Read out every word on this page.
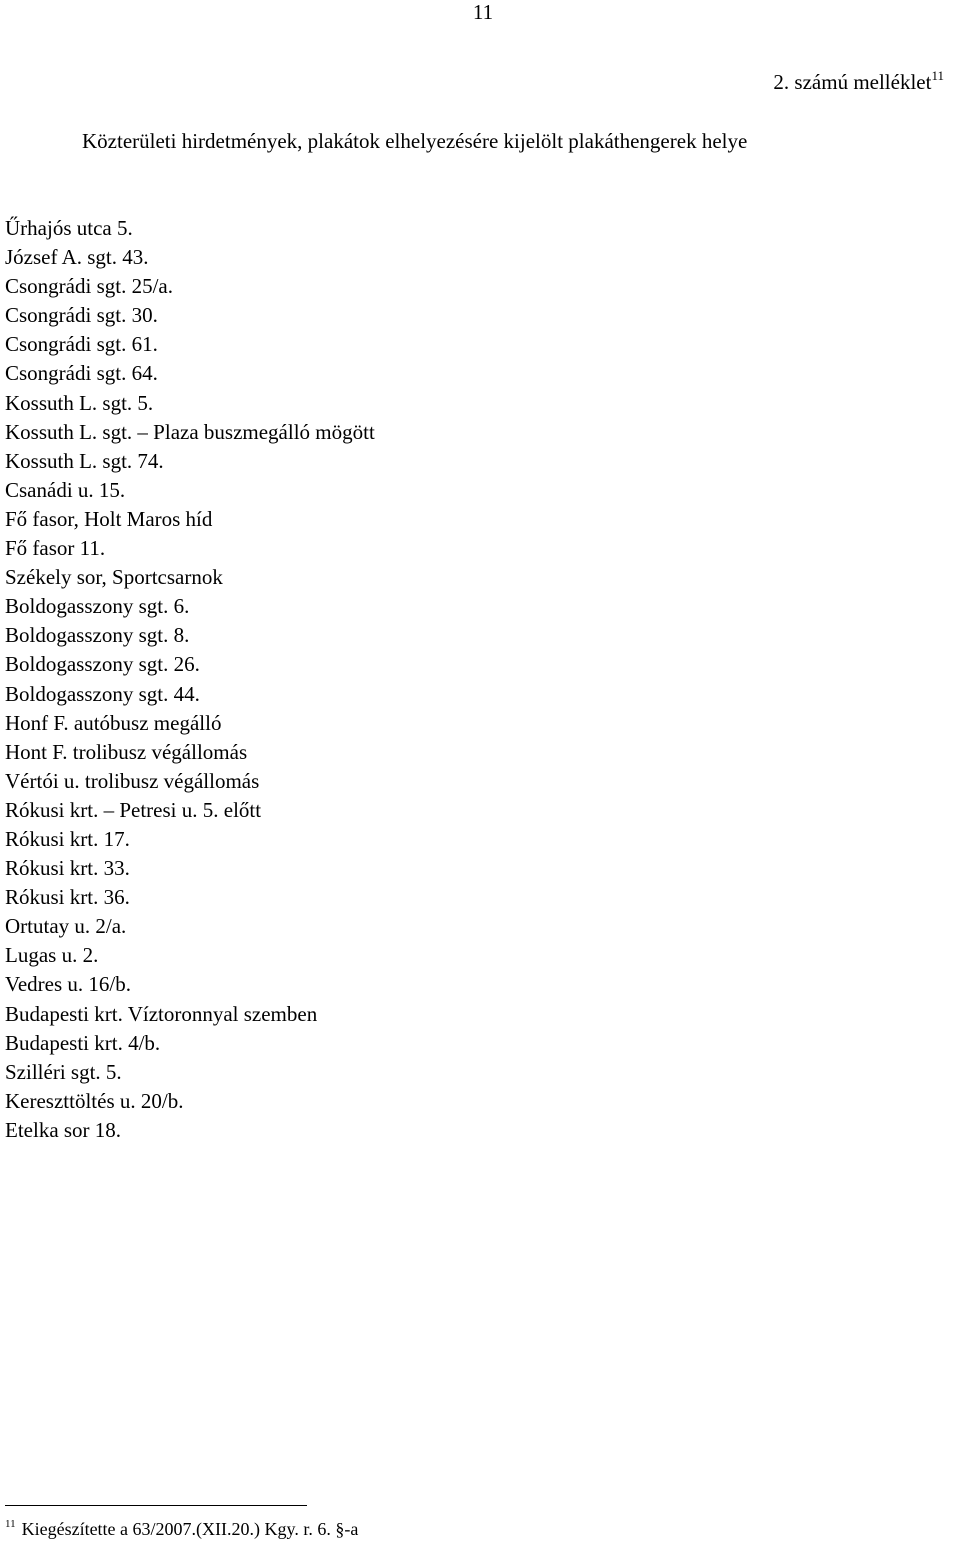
11
2. számú melléklet$^{11}$
Közterületi hirdetmények, plakátok elhelyezésére kijelölt plakáthengerek helye
Űrhajós utca 5.
József A. sgt. 43.
Csongrádi sgt. 25/a.
Csongrádi sgt. 30.
Csongrádi sgt. 61.
Csongrádi sgt. 64.
Kossuth L. sgt. 5.
Kossuth L. sgt. – Plaza buszmegálló mögött
Kossuth L. sgt. 74.
Csanádi u. 15.
Fő fasor, Holt Maros híd
Fő fasor 11.
Székely sor, Sportcsarnok
Boldogasszony sgt. 6.
Boldogasszony sgt. 8.
Boldogasszony sgt. 26.
Boldogasszony sgt. 44.
Honf F. autóbusz megálló
Hont F. trolibusz végállomás
Vértói u. trolibusz végállomás
Rókusi krt. – Petresi u. 5. előtt
Rókusi krt. 17.
Rókusi krt. 33.
Rókusi krt. 36.
Ortutay u. 2/a.
Lugas u. 2.
Vedres u. 16/b.
Budapesti krt. Víztoronnyal szemben
Budapesti krt. 4/b.
Szilléri sgt. 5.
Kereszttöltés u. 20/b.
Etelka sor 18.
$^{11}$ Kiegészítette a 63/2007.(XII.20.) Kgy. r. 6. §-a
